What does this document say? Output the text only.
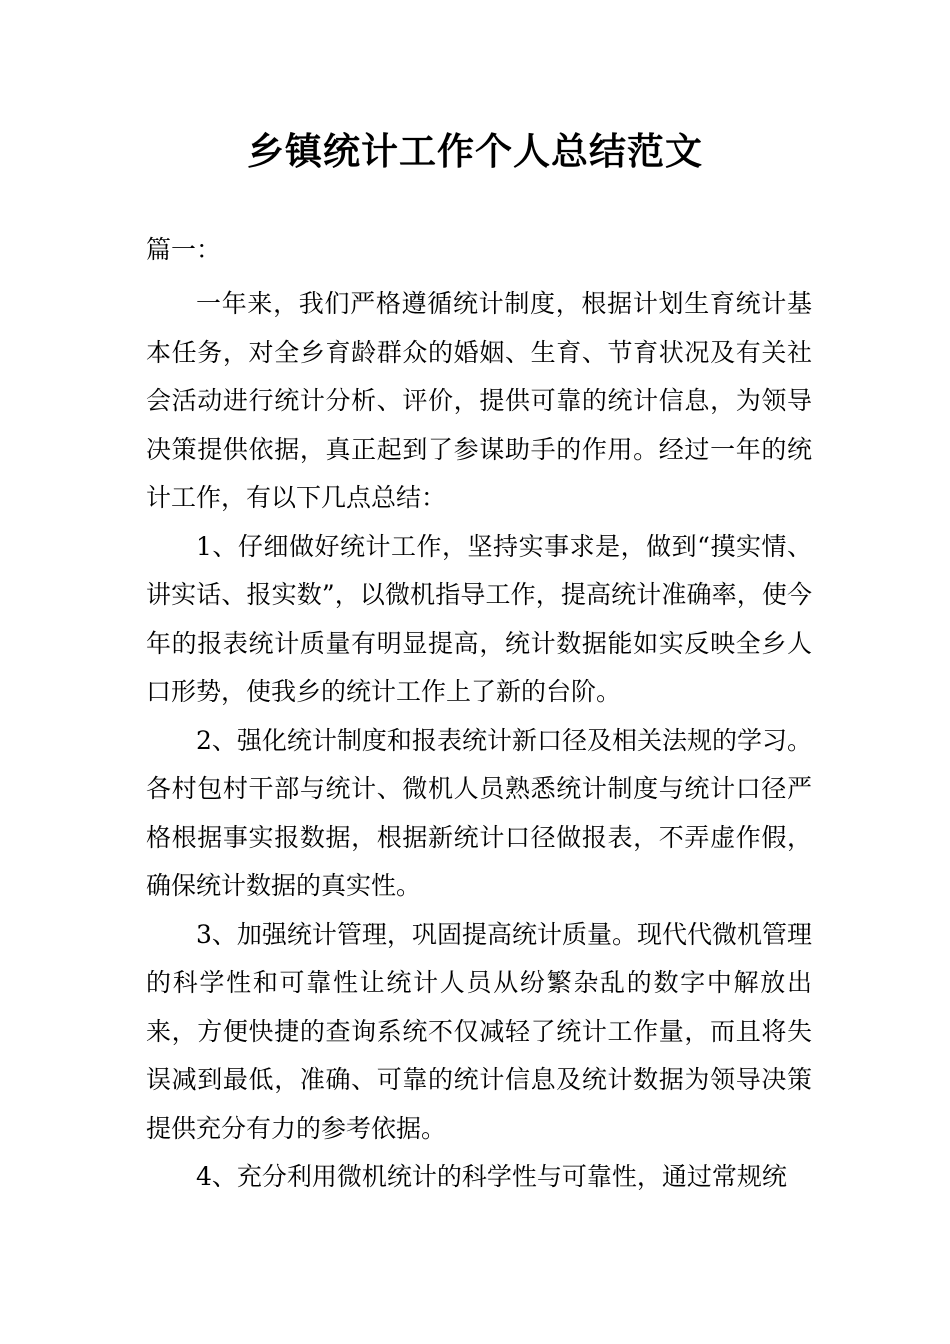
乡镇统计工作个人总结范文

篇一：

一年来，我们严格遵循统计制度，根据计划生育统计基本任务，对全乡育龄群众的婚姻、生育、节育状况及有关社会活动进行统计分析、评价，提供可靠的统计信息，为领导决策提供依据，真正起到了参谋助手的作用。经过一年的统计工作，有以下几点总结：

1、仔细做好统计工作，坚持实事求是，做到“摸实情、讲实话、报实数”，以微机指导工作，提高统计准确率，使今年的报表统计质量有明显提高，统计数据能如实反映全乡人口形势，使我乡的统计工作上了新的台阶。

2、强化统计制度和报表统计新口径及相关法规的学习。各村包村干部与统计、微机人员熟悉统计制度与统计口径严格根据事实报数据，根据新统计口径做报表，不弄虚作假，确保统计数据的真实性。

3、加强统计管理，巩固提高统计质量。现代代微机管理的科学性和可靠性让统计人员从纷繁杂乱的数字中解放出来，方便快捷的查询系统不仅减轻了统计工作量，而且将失误减到最低，准确、可靠的统计信息及统计数据为领导决策提供充分有力的参考依据。

4、充分利用微机统计的科学性与可靠性，通过常规统
